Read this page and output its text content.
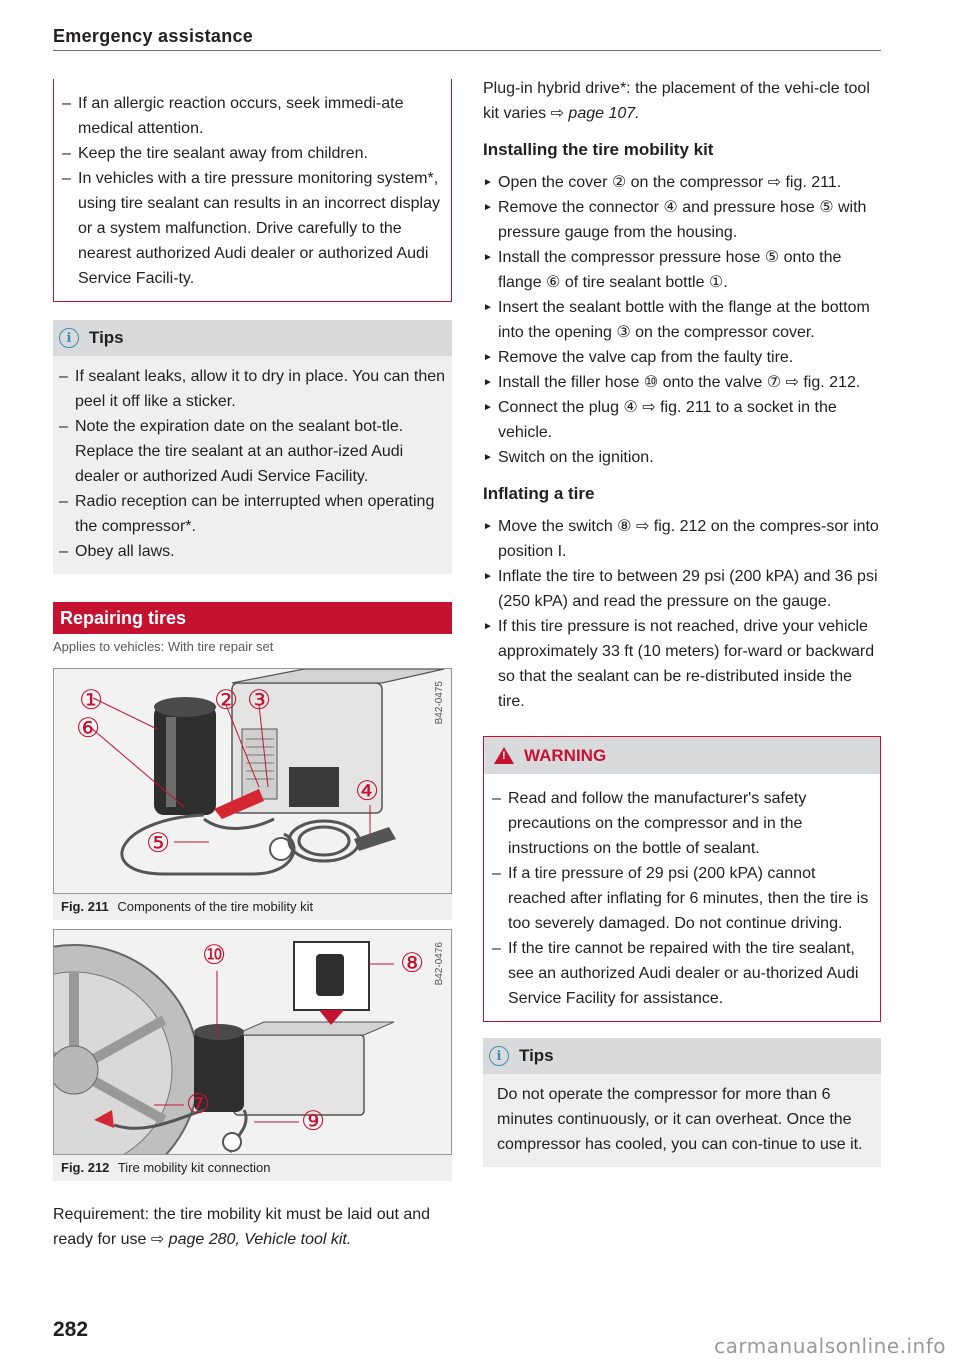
Emergency assistance
– If an allergic reaction occurs, seek immedi-ate medical attention.
– Keep the tire sealant away from children.
– In vehicles with a tire pressure monitoring system*, using tire sealant can results in an incorrect display or a system malfunction. Drive carefully to the nearest authorized Audi dealer or authorized Audi Service Facili-ty.
i	Tips
– If sealant leaks, allow it to dry in place. You can then peel it off like a sticker.
– Note the expiration date on the sealant bot-tle. Replace the tire sealant at an author-ized Audi dealer or authorized Audi Service Facility.
– Radio reception can be interrupted when operating the compressor*.
– Obey all laws.
Repairing tires
Applies to vehicles: With tire repair set
①	② ③
④
⑤
⑥
B42-0475
Fig. 211 Components of the tire mobility kit
⑩	⑧
⑦
⑨
B42-0476
Fig. 212 Tire mobility kit connection

Requirement: the tire mobility kit must be laid out and ready for use ⇨ page 280, Vehicle tool kit.

Plug-in hybrid drive*: the placement of the vehi-cle tool kit varies ⇨ page 107.

Installing the tire mobility kit
► Open the cover ② on the compressor ⇨ fig. 211.
► Remove the connector ④ and pressure hose ⑤ with pressure gauge from the housing.
► Install the compressor pressure hose ⑤ onto the flange ⑥ of tire sealant bottle ①.
► Insert the sealant bottle with the flange at the bottom into the opening ③ on the compressor cover.
► Remove the valve cap from the faulty tire.
► Install the filler hose ⑩ onto the valve ⑦ ⇨ fig. 212.
► Connect the plug ④ ⇨ fig. 211 to a socket in the vehicle.
► Switch on the ignition.
Inflating a tire
► Move the switch ⑧ ⇨ fig. 212 on the compres-sor into position I.
► Inflate the tire to between 29 psi (200 kPA) and 36 psi (250 kPA) and read the pressure on the gauge.
► If this tire pressure is not reached, drive your vehicle approximately 33 ft (10 meters) for-ward or backward so that the sealant can be re-distributed inside the tire.
!
WARNING
– Read and follow the manufacturer's safety precautions on the compressor and in the instructions on the bottle of sealant.
– If a tire pressure of 29 psi (200 kPA) cannot reached after inflating for 6 minutes, then the tire is too severely damaged. Do not continue driving.
– If the tire cannot be repaired with the tire sealant, see an authorized Audi dealer or au-thorized Audi Service Facility for assistance.
i	Tips

Do not operate the compressor for more than 6 minutes continuously, or it can overheat. Once the compressor has cooled, you can con-tinue to use it.

282
carmanualsonline.info
